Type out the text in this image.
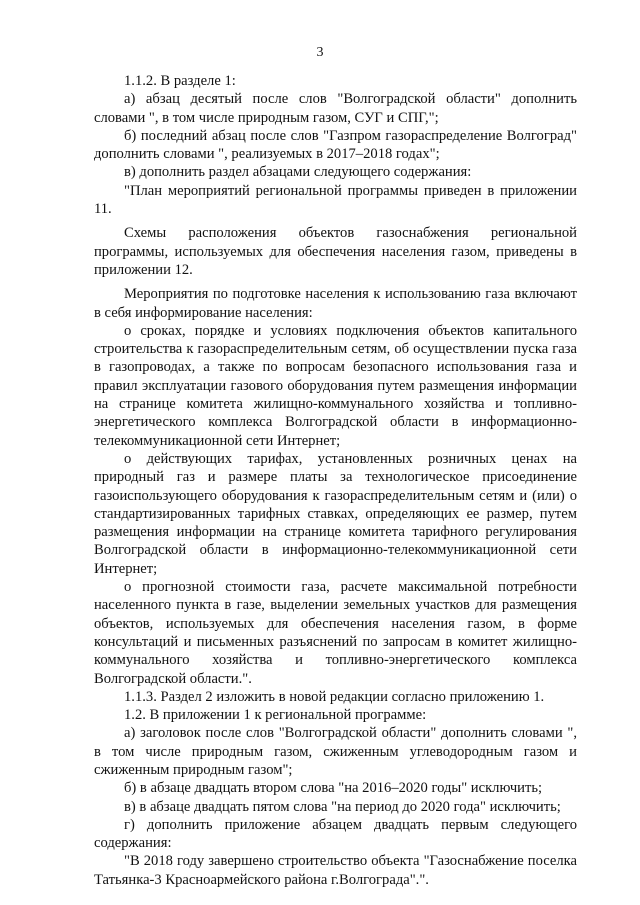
3

1.1.2. В разделе 1:

а) абзац десятый после слов "Волгоградской области" дополнить словами ", в том числе природным газом, СУГ и СПГ,";

б) последний абзац после слов "Газпром газораспределение Волгоград" дополнить словами ", реализуемых в 2017–2018 годах";

в) дополнить раздел абзацами следующего содержания:

"План мероприятий региональной программы приведен в приложении 11.

Схемы расположения объектов газоснабжения региональной программы, используемых для обеспечения населения газом, приведены в приложении 12.

Мероприятия по подготовке населения к использованию газа включают в себя информирование населения:

о сроках, порядке и условиях подключения объектов капитального строительства к газораспределительным сетям, об осуществлении пуска газа в газопроводах, а также по вопросам безопасного использования газа и правил эксплуатации газового оборудования путем размещения информации на странице комитета жилищно-коммунального хозяйства и топливно-энергетического комплекса Волгоградской области в информационно-телекоммуникационной сети Интернет;

о действующих тарифах, установленных розничных ценах на природный газ и размере платы за технологическое присоединение газоиспользующего оборудования к газораспределительным сетям и (или) о стандартизированных тарифных ставках, определяющих ее размер, путем размещения информации на странице комитета тарифного регулирования Волгоградской области в информационно-телекоммуникационной сети Интернет;

о прогнозной стоимости газа, расчете максимальной потребности населенного пункта в газе, выделении земельных участков для размещения объектов, используемых для обеспечения населения газом, в форме консультаций и письменных разъяснений по запросам в комитет жилищно-коммунального хозяйства и топливно-энергетического комплекса Волгоградской области.".

1.1.3. Раздел 2 изложить в новой редакции согласно приложению 1.

1.2. В приложении 1 к региональной программе:

а) заголовок после слов "Волгоградской области" дополнить словами ", в том числе природным газом, сжиженным углеводородным газом и сжиженным природным газом";

б) в абзаце двадцать втором слова "на 2016–2020 годы" исключить;

в) в абзаце двадцать пятом слова "на период до 2020 года" исключить;

г) дополнить приложение абзацем двадцать первым следующего содержания:

"В 2018 году завершено строительство объекта "Газоснабжение поселка Татьянка-3 Красноармейского района г.Волгограда".".
